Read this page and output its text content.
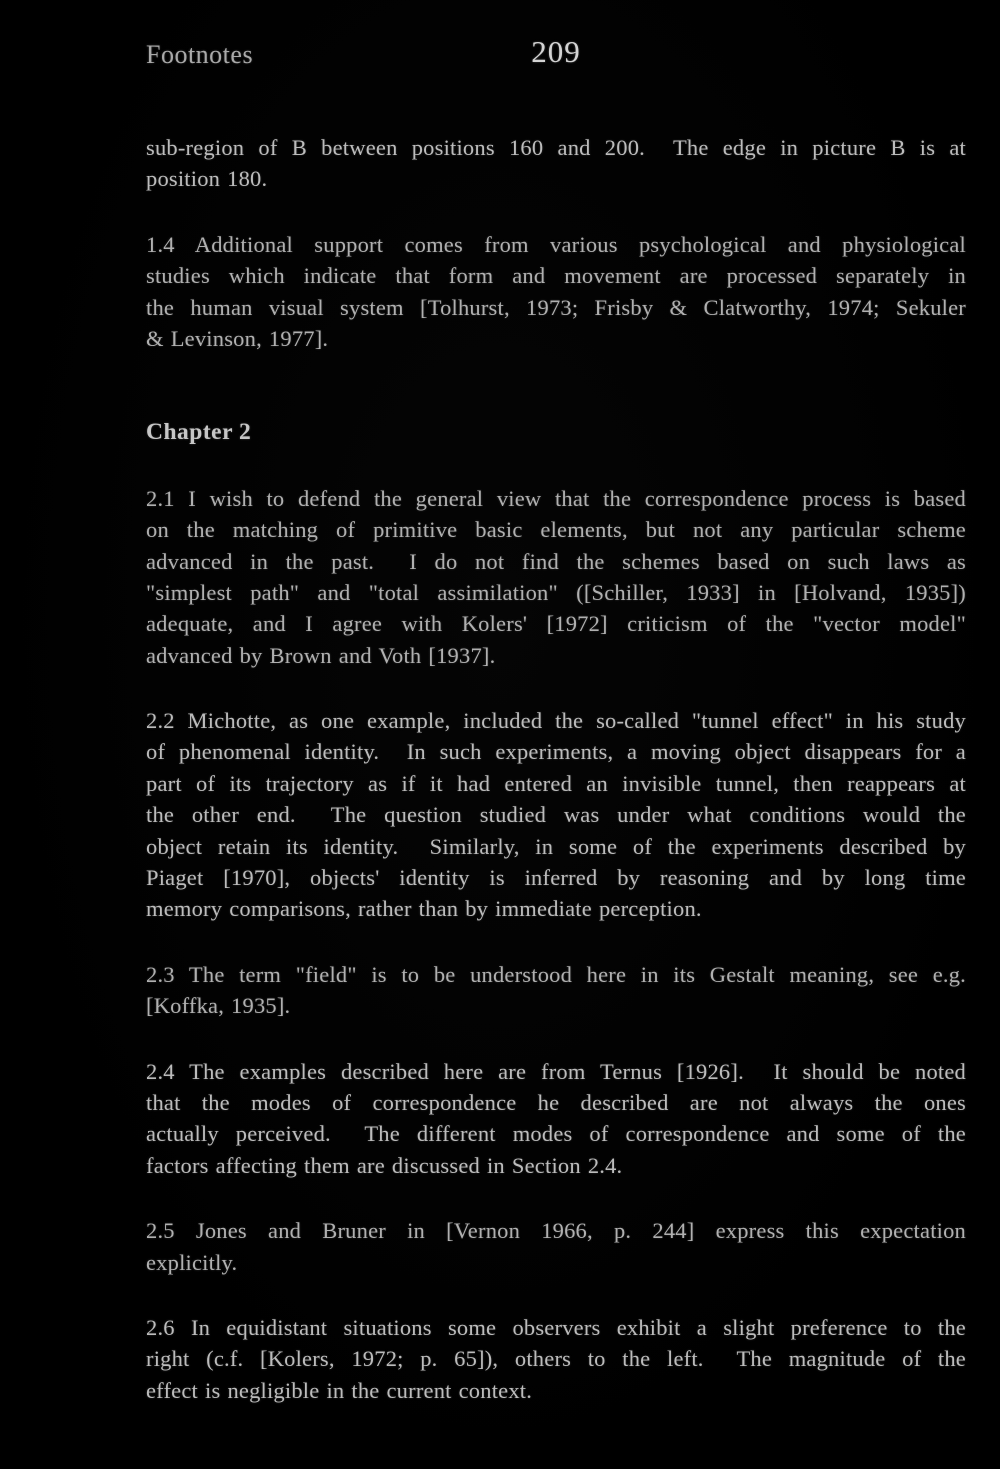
209
Footnotes
sub-region of B between positions 160 and 200.  The edge in picture B is at
position 180.
1.4 Additional support comes from various psychological and physiological
studies which indicate that form and movement are processed separately in
the human visual system [Tolhurst, 1973; Frisby & Clatworthy, 1974; Sekuler
& Levinson, 1977].
Chapter 2
2.1 I wish to defend the general view that the correspondence process is based
on the matching of primitive basic elements, but not any particular scheme
advanced in the past.  I do not find the schemes based on such laws as
"simplest path" and "total assimilation" ([Schiller, 1933] in [Holvand, 1935])
adequate, and I agree with Kolers' [1972] criticism of the "vector model"
advanced by Brown and Voth [1937].
2.2 Michotte, as one example, included the so-called "tunnel effect" in his study
of phenomenal identity.  In such experiments, a moving object disappears for a
part of its trajectory as if it had entered an invisible tunnel, then reappears at
the other end.  The question studied was under what conditions would the
object retain its identity.  Similarly, in some of the experiments described by
Piaget [1970], objects' identity is inferred by reasoning and by long time
memory comparisons, rather than by immediate perception.
2.3 The term "field" is to be understood here in its Gestalt meaning, see e.g.
[Koffka, 1935].
2.4 The examples described here are from Ternus [1926].  It should be noted
that the modes of correspondence he described are not always the ones
actually perceived.  The different modes of correspondence and some of the
factors affecting them are discussed in Section 2.4.
2.5 Jones and Bruner in [Vernon 1966, p. 244] express this expectation
explicitly.
2.6 In equidistant situations some observers exhibit a slight preference to the
right (c.f. [Kolers, 1972; p. 65]), others to the left.  The magnitude of the
effect is negligible in the current context.
